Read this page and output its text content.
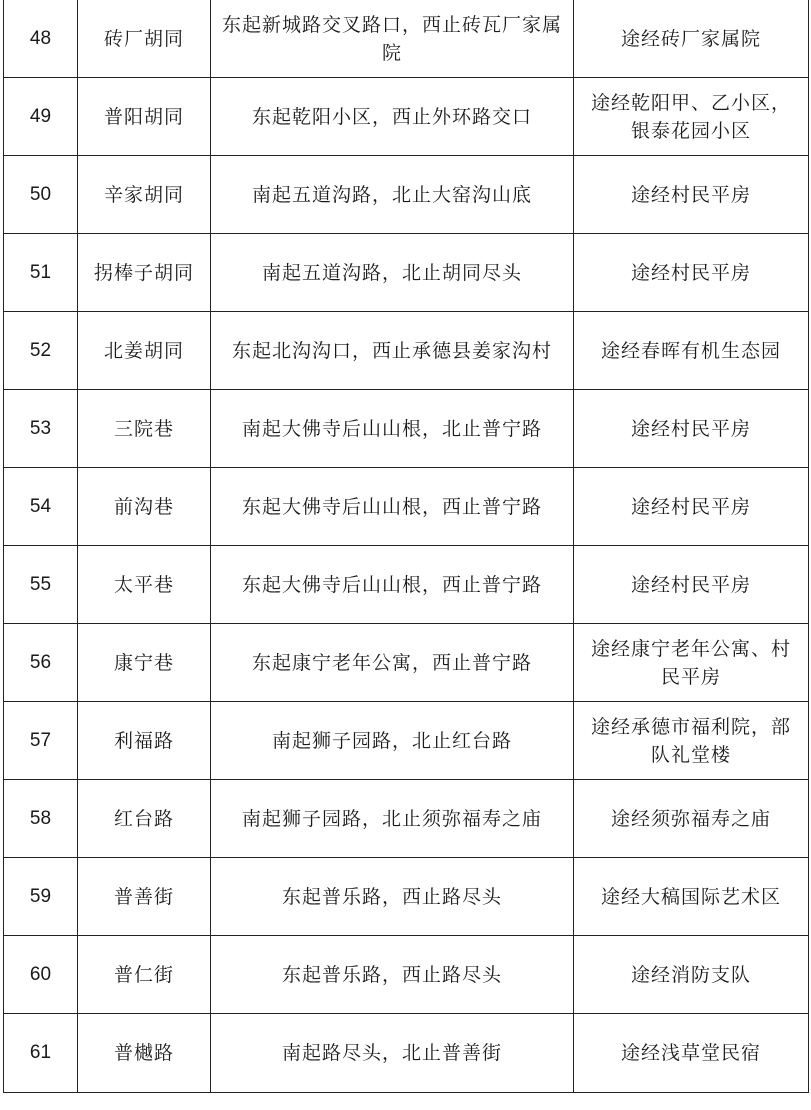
48	砖厂胡同	东起新城路交叉路口，西止砖瓦厂家属院	途经砖厂家属院
49	普阳胡同	东起乾阳小区，西止外环路交口	途经乾阳甲、乙小区，银泰花园小区
50	辛家胡同	南起五道沟路，北止大窑沟山底	途经村民平房
51	拐棒子胡同	南起五道沟路，北止胡同尽头	途经村民平房
52	北姜胡同	东起北沟沟口，西止承德县姜家沟村	途经春晖有机生态园
53	三院巷	南起大佛寺后山山根，北止普宁路	途经村民平房
54	前沟巷	东起大佛寺后山山根，西止普宁路	途经村民平房
55	太平巷	东起大佛寺后山山根，西止普宁路	途经村民平房
56	康宁巷	东起康宁老年公寓，西止普宁路	途经康宁老年公寓、村民平房
57	利福路	南起狮子园路，北止红台路	途经承德市福利院，部队礼堂楼
58	红台路	南起狮子园路，北止须弥福寿之庙	途经须弥福寿之庙
59	普善街	东起普乐路，西止路尽头	途经大稿国际艺术区
60	普仁街	东起普乐路，西止路尽头	途经消防支队
61	普樾路	南起路尽头，北止普善街	途经浅草堂民宿
